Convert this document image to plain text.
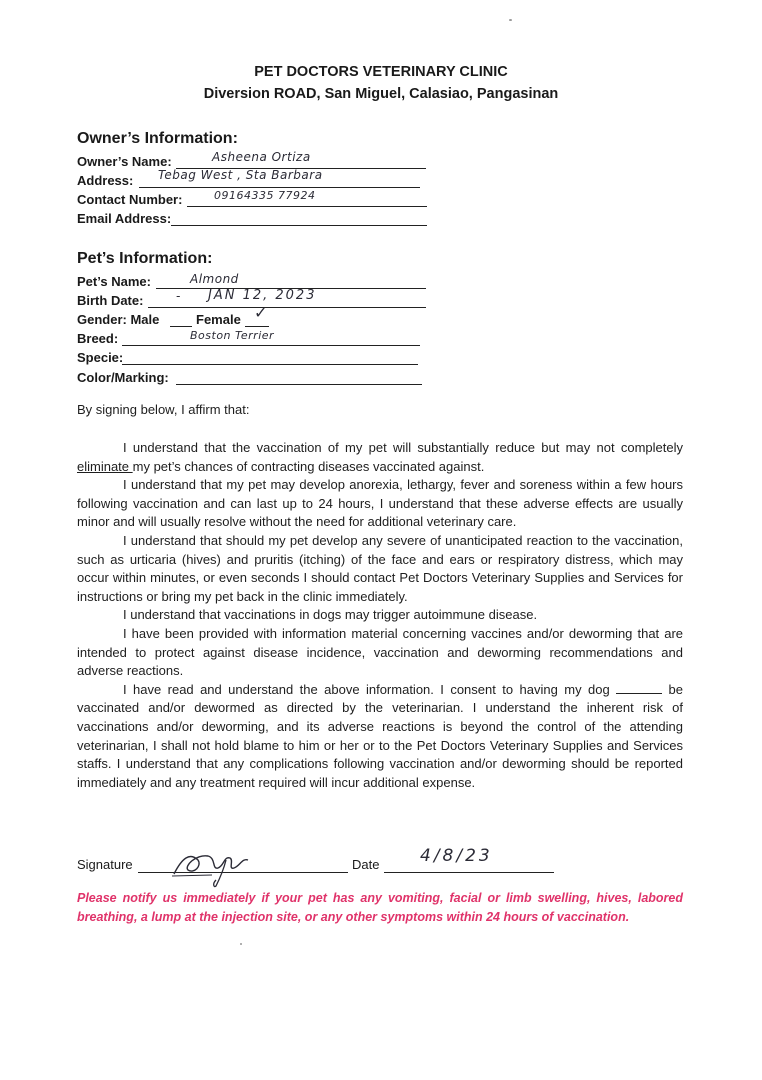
PET DOCTORS VETERINARY CLINIC
Diversion ROAD, San Miguel, Calasiao, Pangasinan
Owner’s Information:
Owner’s Name:	Asheena Ortiza
Address: Tebag West , Sta Barbara
Contact Number:	09164335 77924
Email Address:
Pet’s Information:
Pet’s Name:	Almond
Birth Date:	- JAN 12, 2023
Gender: Male	Female ✓
Breed:	Boston Terrier
Specie:
Color/Marking:
By signing below, I affirm that:

I understand that the vaccination of my pet will substantially reduce but may not completely eliminate my pet’s chances of contracting diseases vaccinated against.

I understand that my pet may develop anorexia, lethargy, fever and soreness within a few hours following vaccination and can last up to 24 hours, I understand that these adverse effects are usually minor and will usually resolve without the need for additional veterinary care.

I understand that should my pet develop any severe of unanticipated reaction to the vaccination, such as urticaria (hives) and pruritis (itching) of the face and ears or respiratory distress, which may occur within minutes, or even seconds I should contact Pet Doctors Veterinary Supplies and Services for instructions or bring my pet back in the clinic immediately.

I understand that vaccinations in dogs may trigger autoimmune disease.

I have been provided with information material concerning vaccines and/or deworming that are intended to protect against disease incidence, vaccination and deworming recommendations and adverse reactions.

I have read and understand the above information. I consent to having my dog	be vaccinated and/or dewormed as directed by the veterinarian. I understand the inherent risk of vaccinations and/or deworming, and its adverse reactions is beyond the control of the attending veterinarian, I shall not hold blame to him or her or to the Pet Doctors Veterinary Supplies and Services staffs. I understand that any complications following vaccination and/or deworming should be reported immediately and any treatment required will incur additional expense.

Signature	Date 4/8/23
Please notify us immediately if your pet has any vomiting, facial or limb swelling, hives, labored breathing, a lump at the injection site, or any other symptoms within 24 hours of vaccination.
